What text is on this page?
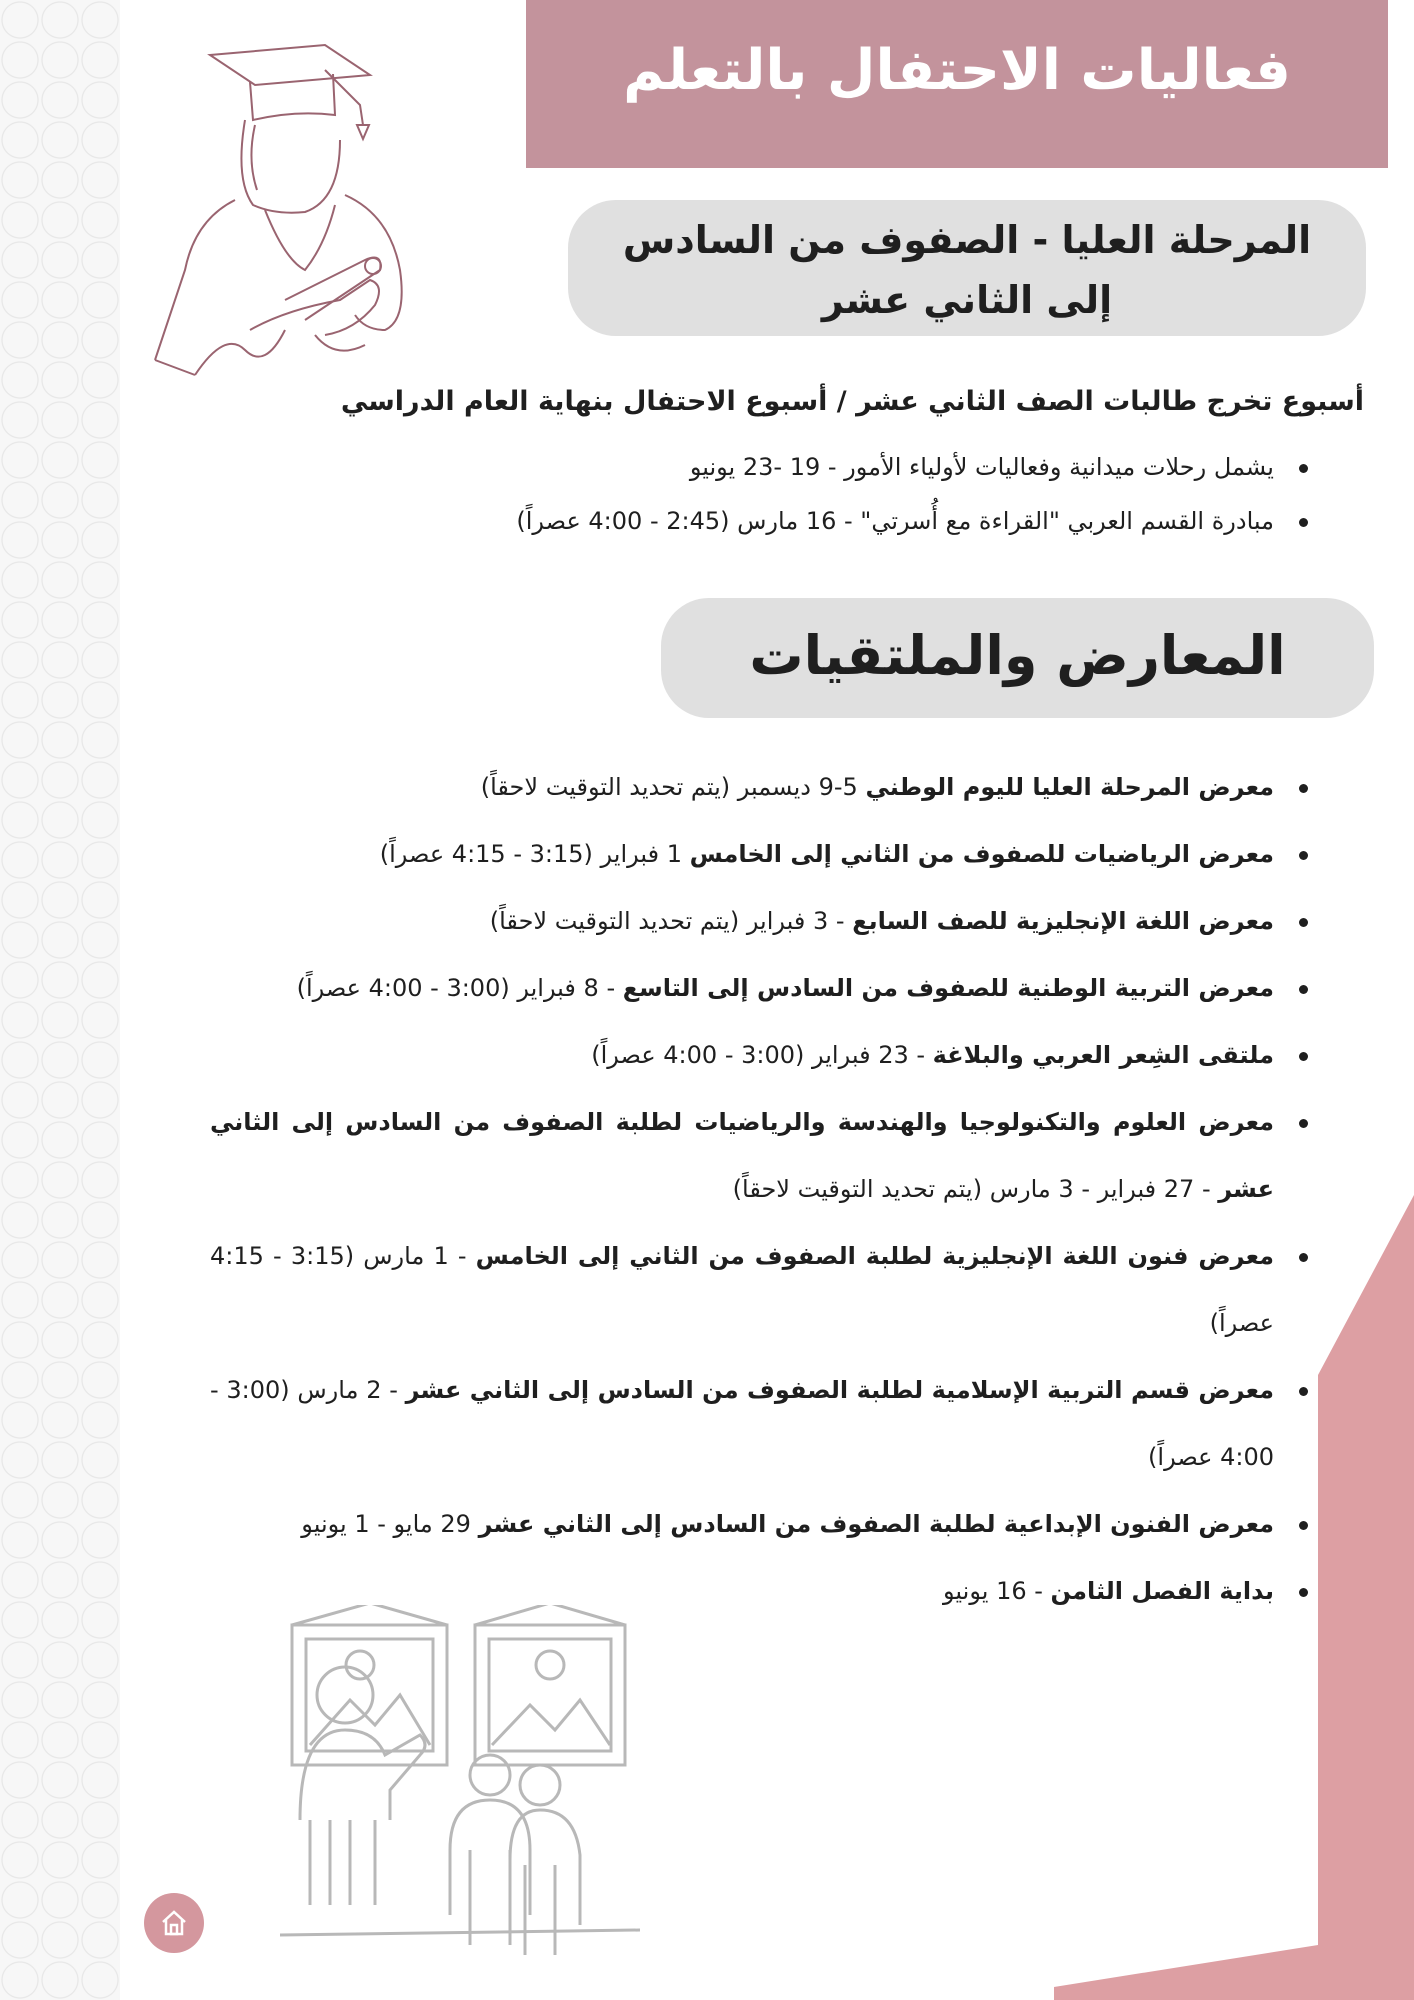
فعاليات الاحتفال بالتعلم
المرحلة العليا - الصفوف من السادس
إلى الثاني عشر
أسبوع تخرج طالبات الصف الثاني عشر / أسبوع الاحتفال بنهاية العام الدراسي
يشمل رحلات ميدانية وفعاليات لأولياء الأمور - 19 -23 يونيو
مبادرة القسم العربي "القراءة مع أُسرتي" - 16 مارس (2:45 - 4:00 عصراً)
المعارض والملتقيات
معرض المرحلة العليا لليوم الوطني 5-9 ديسمبر (يتم تحديد التوقيت لاحقاً)
معرض الرياضيات للصفوف من الثاني إلى الخامس 1 فبراير (3:15 - 4:15 عصراً)
معرض اللغة الإنجليزية للصف السابع - 3 فبراير (يتم تحديد التوقيت لاحقاً)
معرض التربية الوطنية للصفوف من السادس إلى التاسع - 8 فبراير (3:00 - 4:00 عصراً)
ملتقى الشِعر العربي والبلاغة - 23 فبراير (3:00 - 4:00 عصراً)
معرض العلوم والتكنولوجيا والهندسة والرياضيات لطلبة الصفوف من السادس إلى الثاني عشر - 27 فبراير - 3 مارس (يتم تحديد التوقيت لاحقاً)
معرض فنون اللغة الإنجليزية لطلبة الصفوف من الثاني إلى الخامس - 1 مارس (3:15 - 4:15 عصراً)
معرض قسم التربية الإسلامية لطلبة الصفوف من السادس إلى الثاني عشر - 2 مارس (3:00 - 4:00 عصراً)
معرض الفنون الإبداعية لطلبة الصفوف من السادس إلى الثاني عشر 29 مايو - 1 يونيو
بداية الفصل الثامن - 16 يونيو
